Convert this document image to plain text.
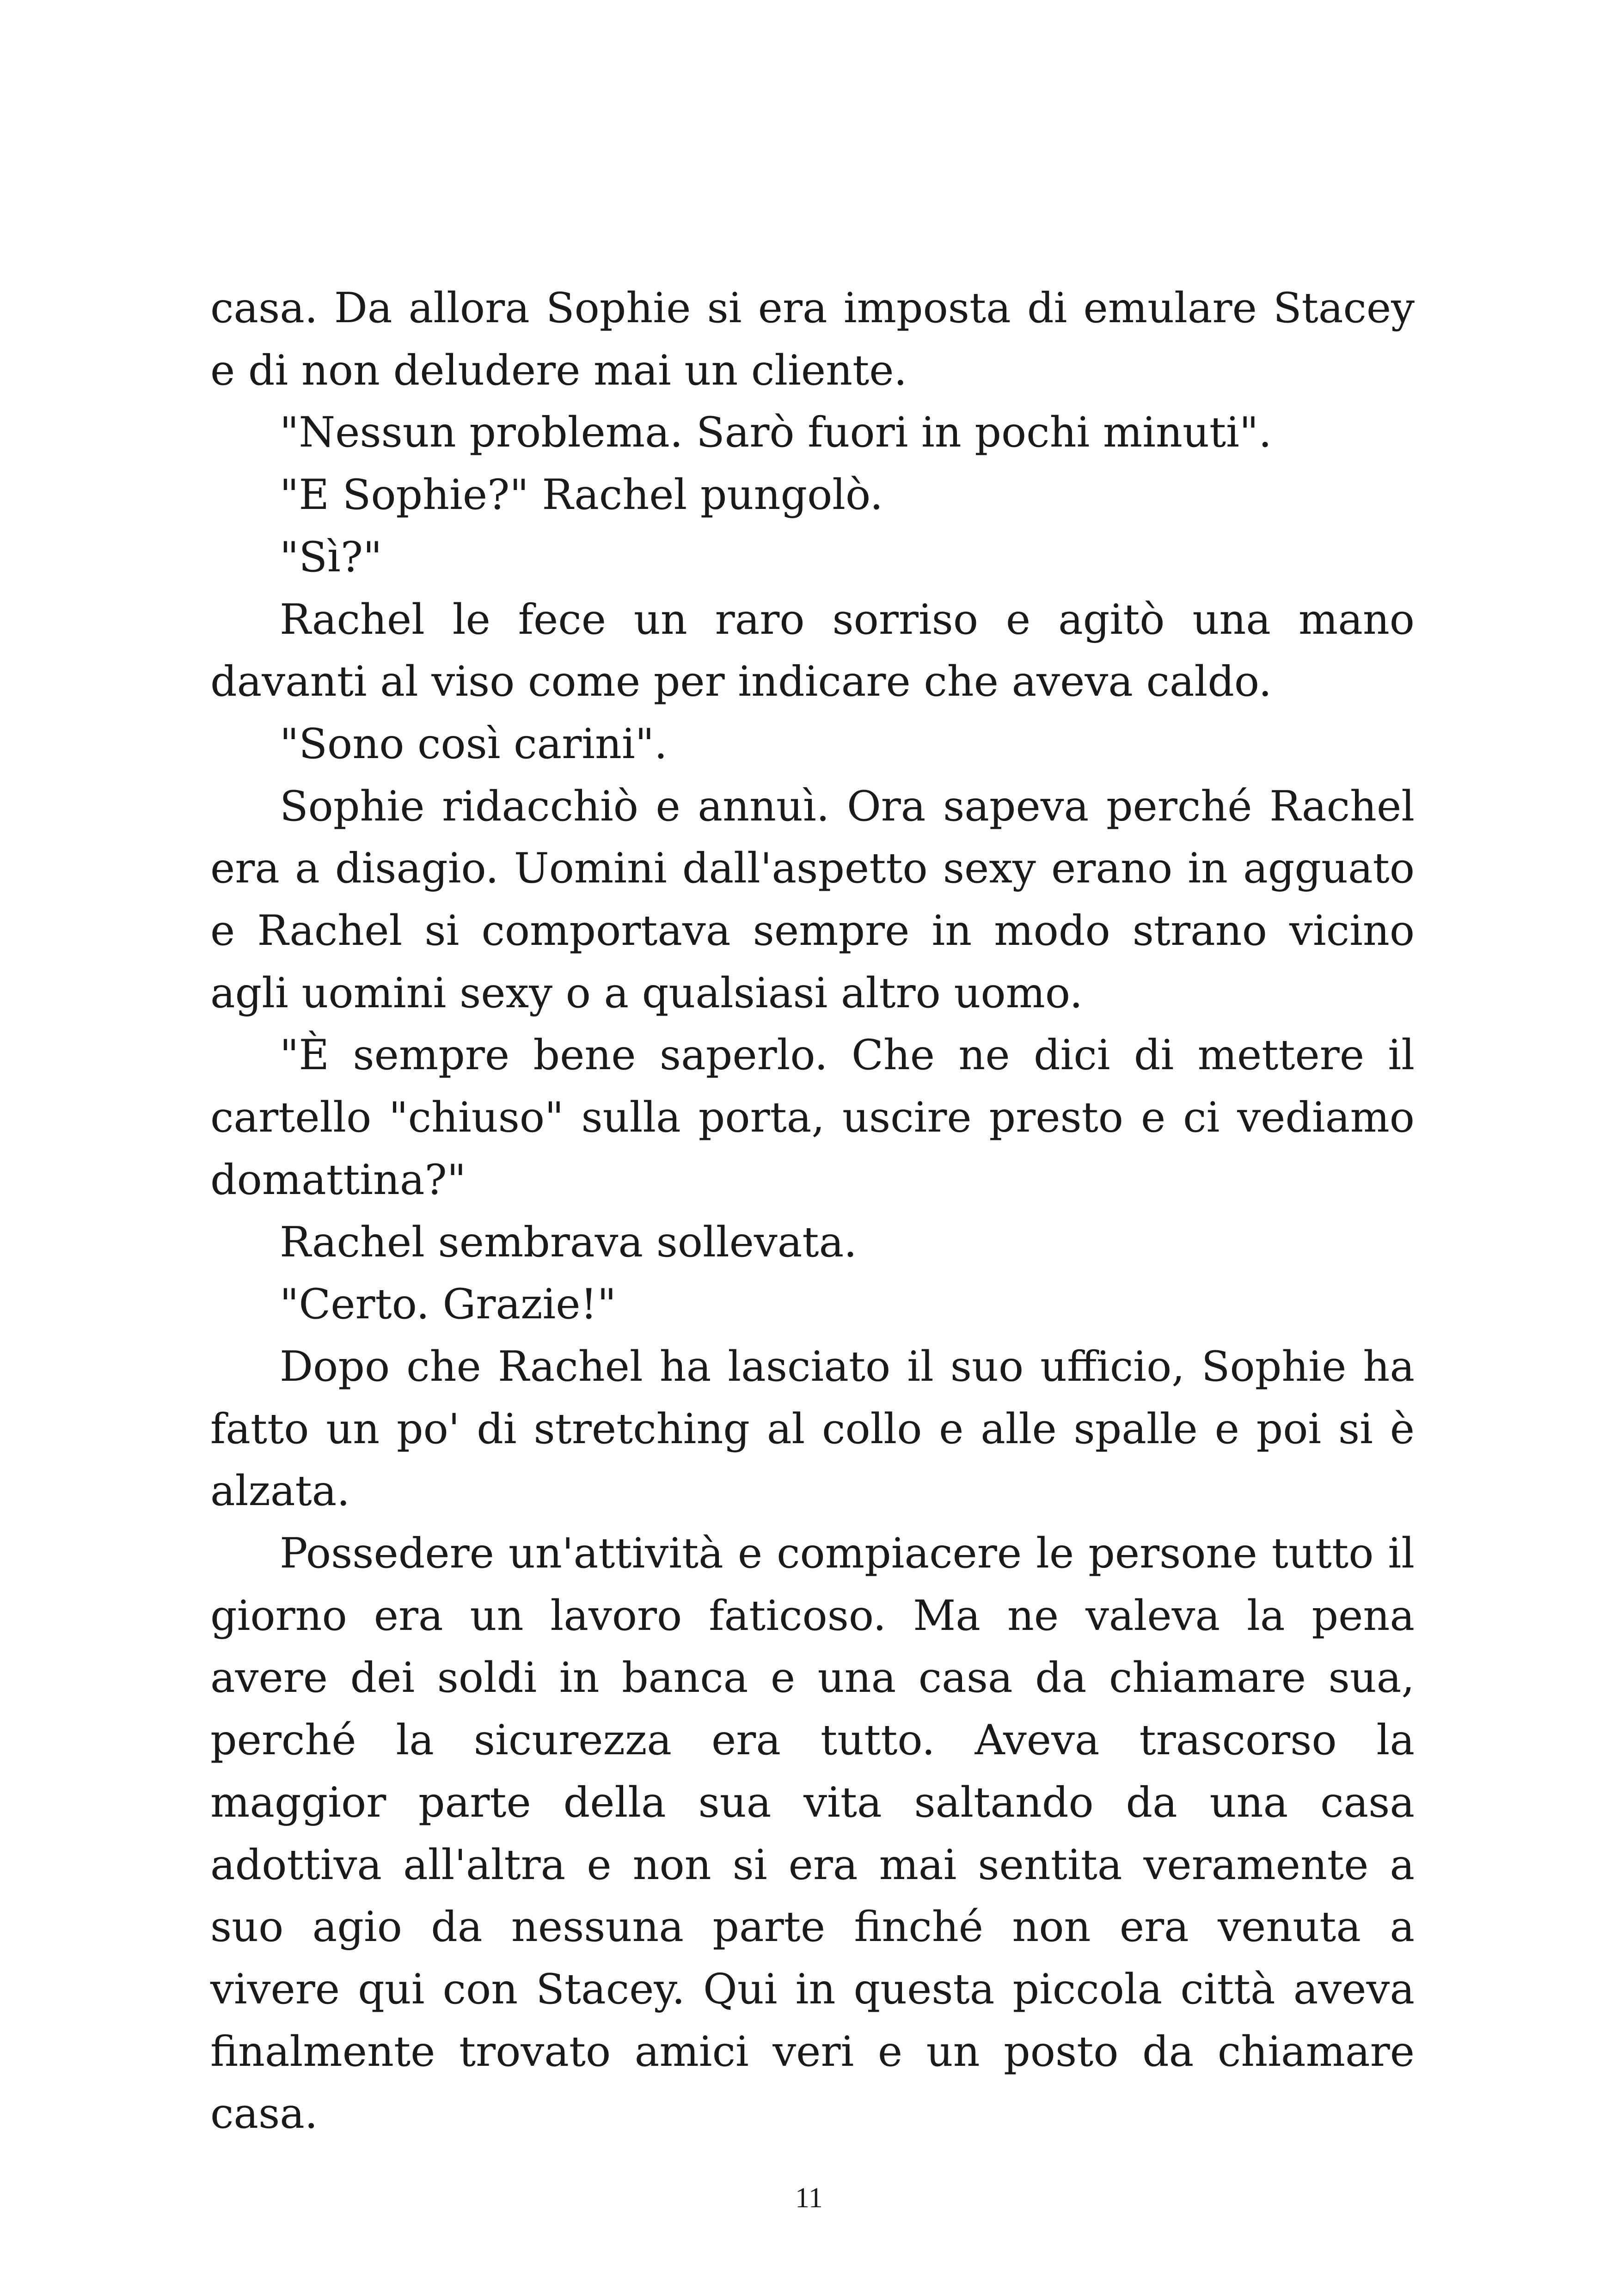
casa. Da allora Sophie si era imposta di emulare Stacey e di non deludere mai un cliente.

"Nessun problema. Sarò fuori in pochi minuti".

"E Sophie?" Rachel pungolò.

"Sì?"

Rachel le fece un raro sorriso e agitò una mano davanti al viso come per indicare che aveva caldo.

"Sono così carini".

Sophie ridacchiò e annuì. Ora sapeva perché Rachel era a disagio. Uomini dall'aspetto sexy erano in agguato e Rachel si comportava sempre in modo strano vicino agli uomini sexy o a qualsiasi altro uomo.

"È sempre bene saperlo. Che ne dici di mettere il cartello "chiuso" sulla porta, uscire presto e ci vediamo domattina?"

Rachel sembrava sollevata.

"Certo. Grazie!"

Dopo che Rachel ha lasciato il suo ufficio, Sophie ha fatto un po' di stretching al collo e alle spalle e poi si è alzata.

Possedere un'attività e compiacere le persone tutto il giorno era un lavoro faticoso. Ma ne valeva la pena avere dei soldi in banca e una casa da chiamare sua, perché la sicurezza era tutto. Aveva trascorso la maggior parte della sua vita saltando da una casa adottiva all'altra e non si era mai sentita veramente a suo agio da nessuna parte finché non era venuta a vivere qui con Stacey. Qui in questa piccola città aveva finalmente trovato amici veri e un posto da chiamare casa.

11
